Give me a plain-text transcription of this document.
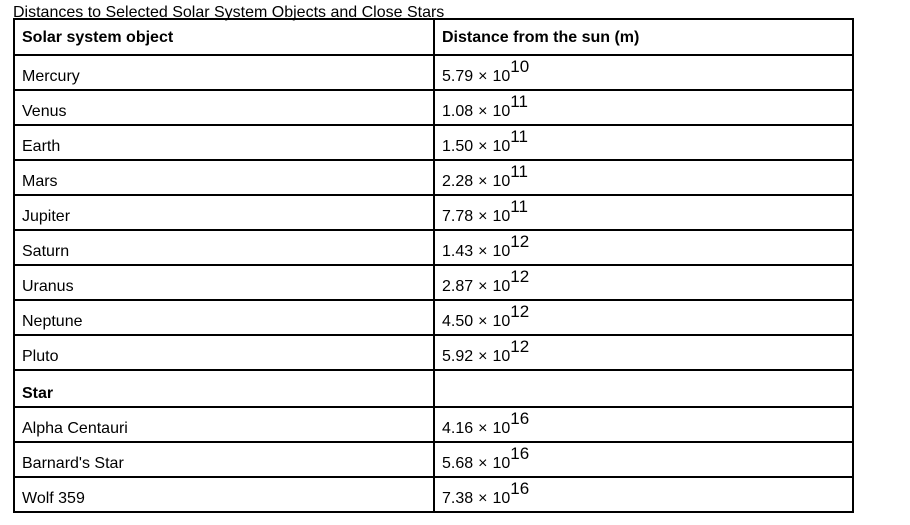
Distances to Selected Solar System Objects and Close Stars
Solar system object	Distance from the sun (m)
Mercury	5.79 × 1010
Venus	1.08 × 1011
Earth	1.50 × 1011
Mars	2.28 × 1011
Jupiter	7.78 × 1011
Saturn	1.43 × 1012
Uranus	2.87 × 1012
Neptune	4.50 × 1012
Pluto	5.92 × 1012
Star	
Alpha Centauri	4.16 × 1016
Barnard's Star	5.68 × 1016
Wolf 359	7.38 × 1016
